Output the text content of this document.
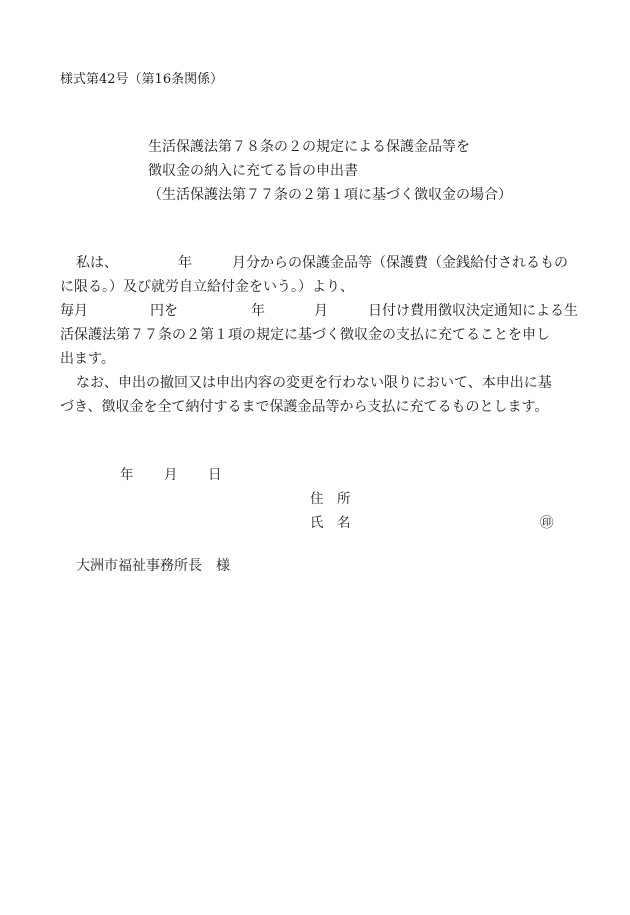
様式第42号（第16条関係）
生活保護法第７８条の２の規定による保護金品等を
徴収金の納入に充てる旨の申出書
（生活保護法第７７条の２第１項に基づく徴収金の場合）
私は、	年	月分からの保護金品等（保護費（金銭給付されるもの
に限る。）及び就労自立給付金をいう。）より、
毎月	円を	年	月	日付け費用徴収決定通知による生
活保護法第７７条の２第１項の規定に基づく徴収金の支払に充てることを申し
出ます。
なお、申出の撤回又は申出内容の変更を行わない限りにおいて、本申出に基
づき、徴収金を全て納付するまで保護金品等から支払に充てるものとします。
年 月 日
住　所
氏　名	㊞
大洲市福祉事務所長　様
